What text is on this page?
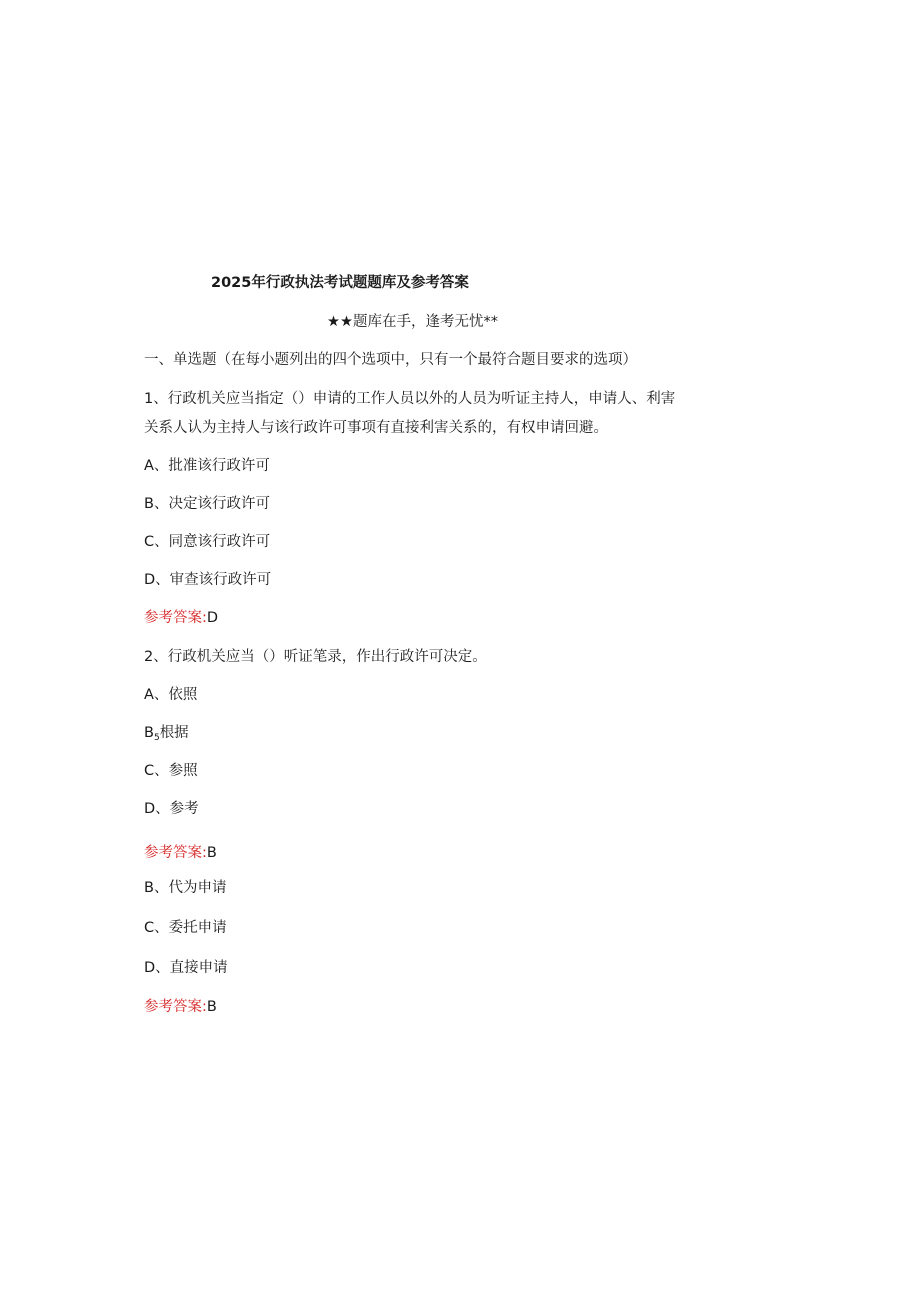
2025年行政执法考试题题库及参考答案
★★题库在手，逢考无忧**
一、单选题（在每小题列出的四个选项中，只有一个最符合题目要求的选项）
1、行政机关应当指定（）申请的工作人员以外的人员为听证主持人，申请人、利害
关系人认为主持人与该行政许可事项有直接利害关系的，有权申请回避。
A、批准该行政许可
B、决定该行政许可
C、同意该行政许可
D、审查该行政许可
参考答案:D
2、行政机关应当（）听证笔录，作出行政许可决定。
A、依照
$B_5$根据
C、参照
D、参考
参考答案:B
B、代为申请
C、委托申请
D、直接申请
参考答案:B
